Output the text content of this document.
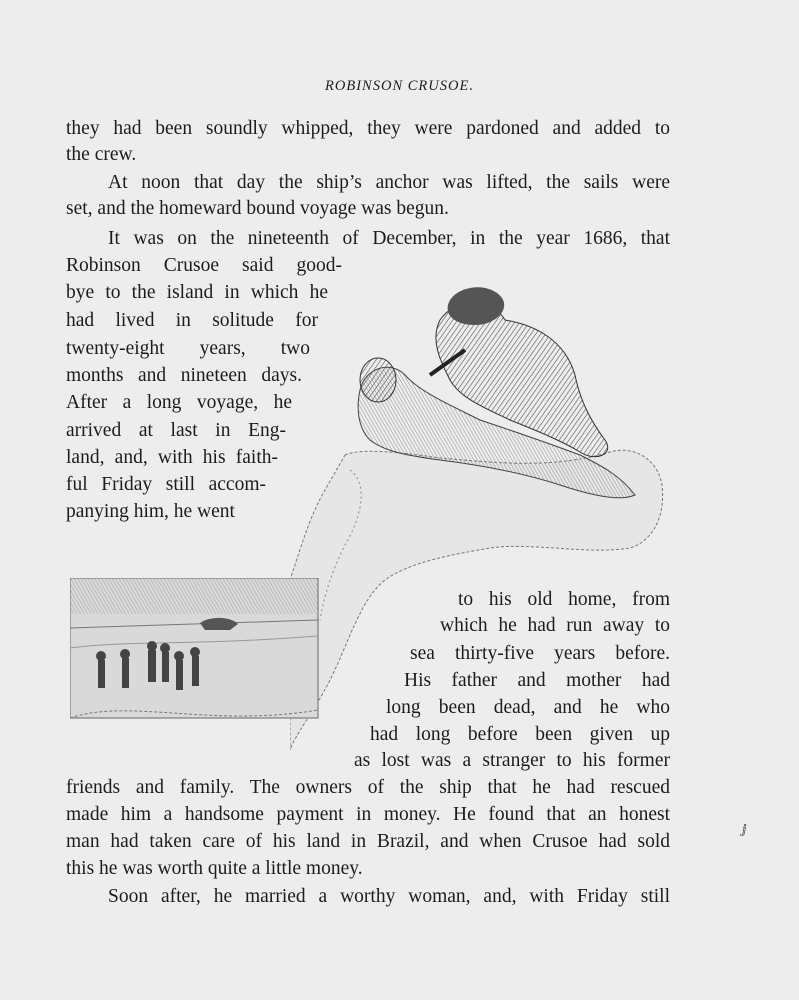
ROBINSON CRUSOE.
they had been soundly whipped, they were pardoned and added to
the crew.
At noon that day the ship’s anchor was lifted, the sails were
set, and the homeward bound voyage was begun.
It was on the nineteenth of December, in the year 1686, that
Robinson Crusoe said good-
bye to the island in which he
had lived in solitude for
twenty-eight years, two
months and nineteen days.
After a long voyage, he
arrived at last in Eng-
land, and, with his faith-
ful Friday still accom-
panying him, he went
to his old home, from
which he had run away to
sea thirty-five years before.
His father and mother had
long been dead, and he who
had long before been given up
as lost was a stranger to his former
friends and family. The owners of the ship that he had rescued
made him a handsome payment in money. He found that an honest
man had taken care of his land in Brazil, and when Crusoe had sold
this he was worth quite a little money.
Soon after, he married a worthy woman, and, with Friday still
ⅉ
